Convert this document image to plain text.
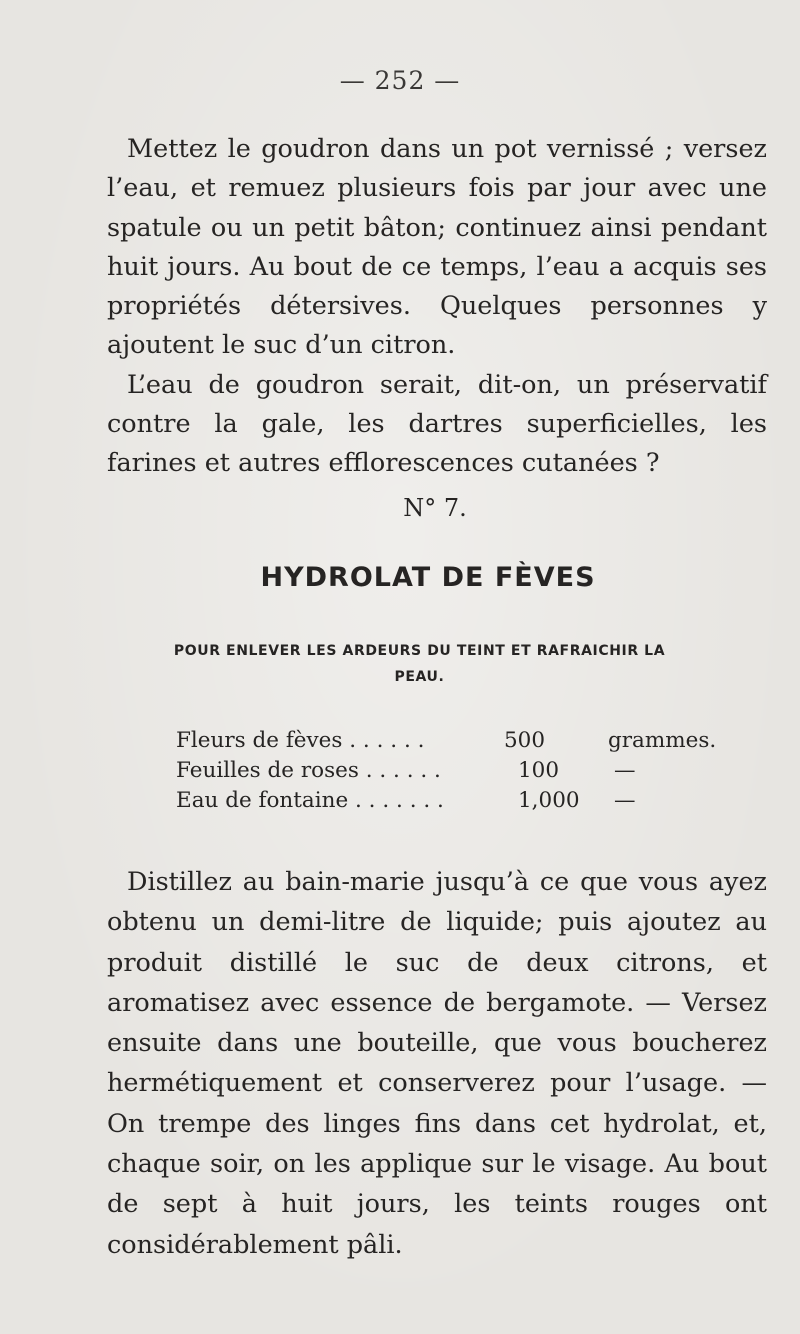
— 252 —

Mettez le goudron dans un pot vernissé ; versez l’eau, et remuez plusieurs fois par jour avec une spatule ou un petit bâton; continuez ainsi pendant huit jours. Au bout de ce temps, l’eau a acquis ses propriétés détersives. Quelques personnes y ajoutent le suc d’un citron.

L’eau de goudron serait, dit-on, un préservatif contre la gale, les dartres superficielles, les farines et autres efflorescences cutanées ?

N° 7.
HYDROLAT DE FÈVES
POUR ENLEVER LES ARDEURS DU TEINT ET RAFRAICHIR LA PEAU.
Fleurs de fèves . . . . . .	500	grammes.
Feuilles de roses . . . . . .	100	—
Eau de fontaine . . . . . . .	1,000 —

Distillez au bain-marie jusqu’à ce que vous ayez obtenu un demi-litre de liquide; puis ajoutez au produit distillé le suc de deux citrons, et aromatisez avec essence de bergamote. — Versez ensuite dans une bouteille, que vous boucherez hermétiquement et conserverez pour l’usage. — On trempe des linges fins dans cet hydrolat, et, chaque soir, on les applique sur le visage. Au bout de sept à huit jours, les teints rouges ont considérablement pâli.
